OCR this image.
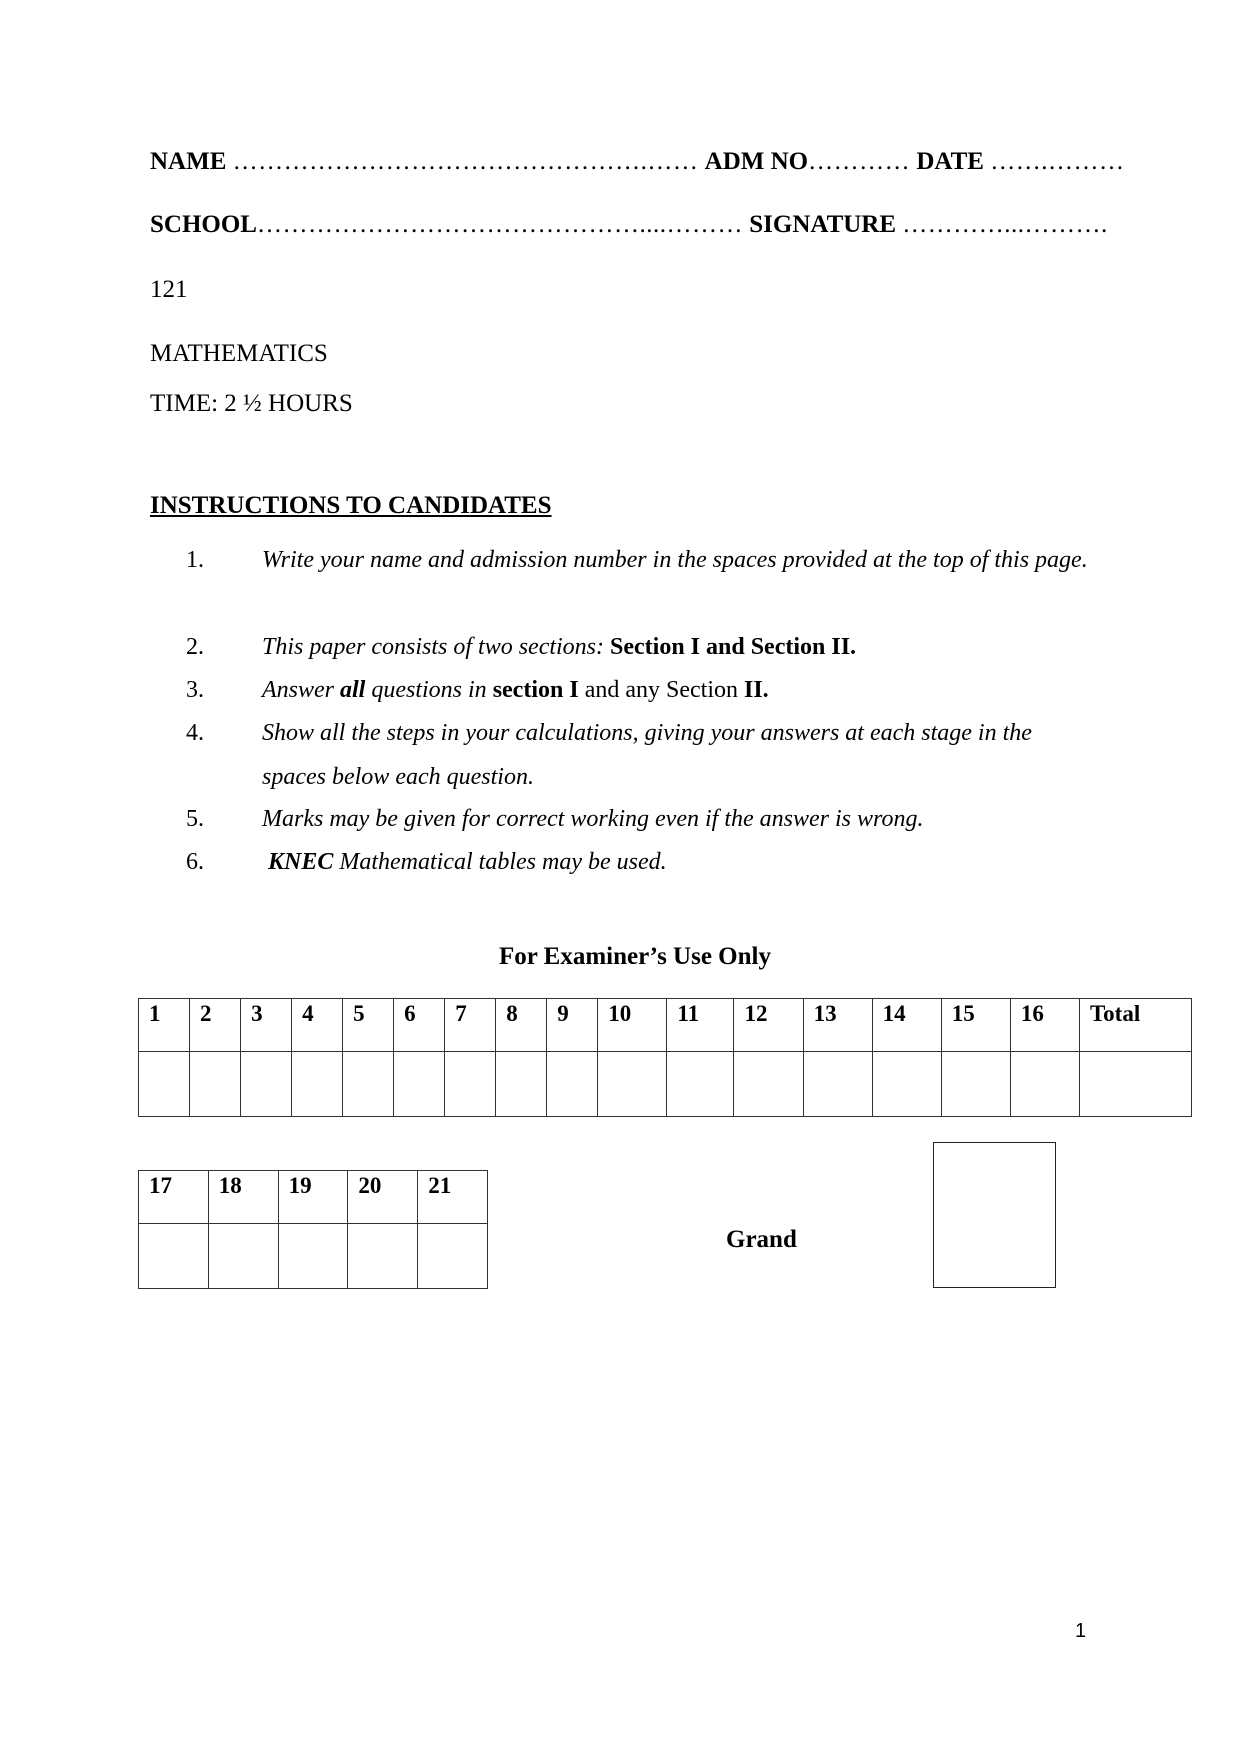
NAME ………………………………………….…… ADM NO………… DATE …….………
SCHOOL………………………………………....……… SIGNATURE …………...……….
121
MATHEMATICS
TIME: 2 ½ HOURS
INSTRUCTIONS TO CANDIDATES
1. Write your name and admission number in the spaces provided at the top of this page.
2. This paper consists of two sections: Section I and Section II.
3. Answer all questions in section I and any Section II.
4. Show all the steps in your calculations, giving your answers at each stage in the spaces below each question.
5. Marks may be given for correct working even if the answer is wrong.
6.	KNEC Mathematical tables may be used.
For Examiner’s Use Only
1	2	3	4	5	6	7	8	9	10	11	12	13	14	15	16	Total

17	18	19	20	21

Grand
1
